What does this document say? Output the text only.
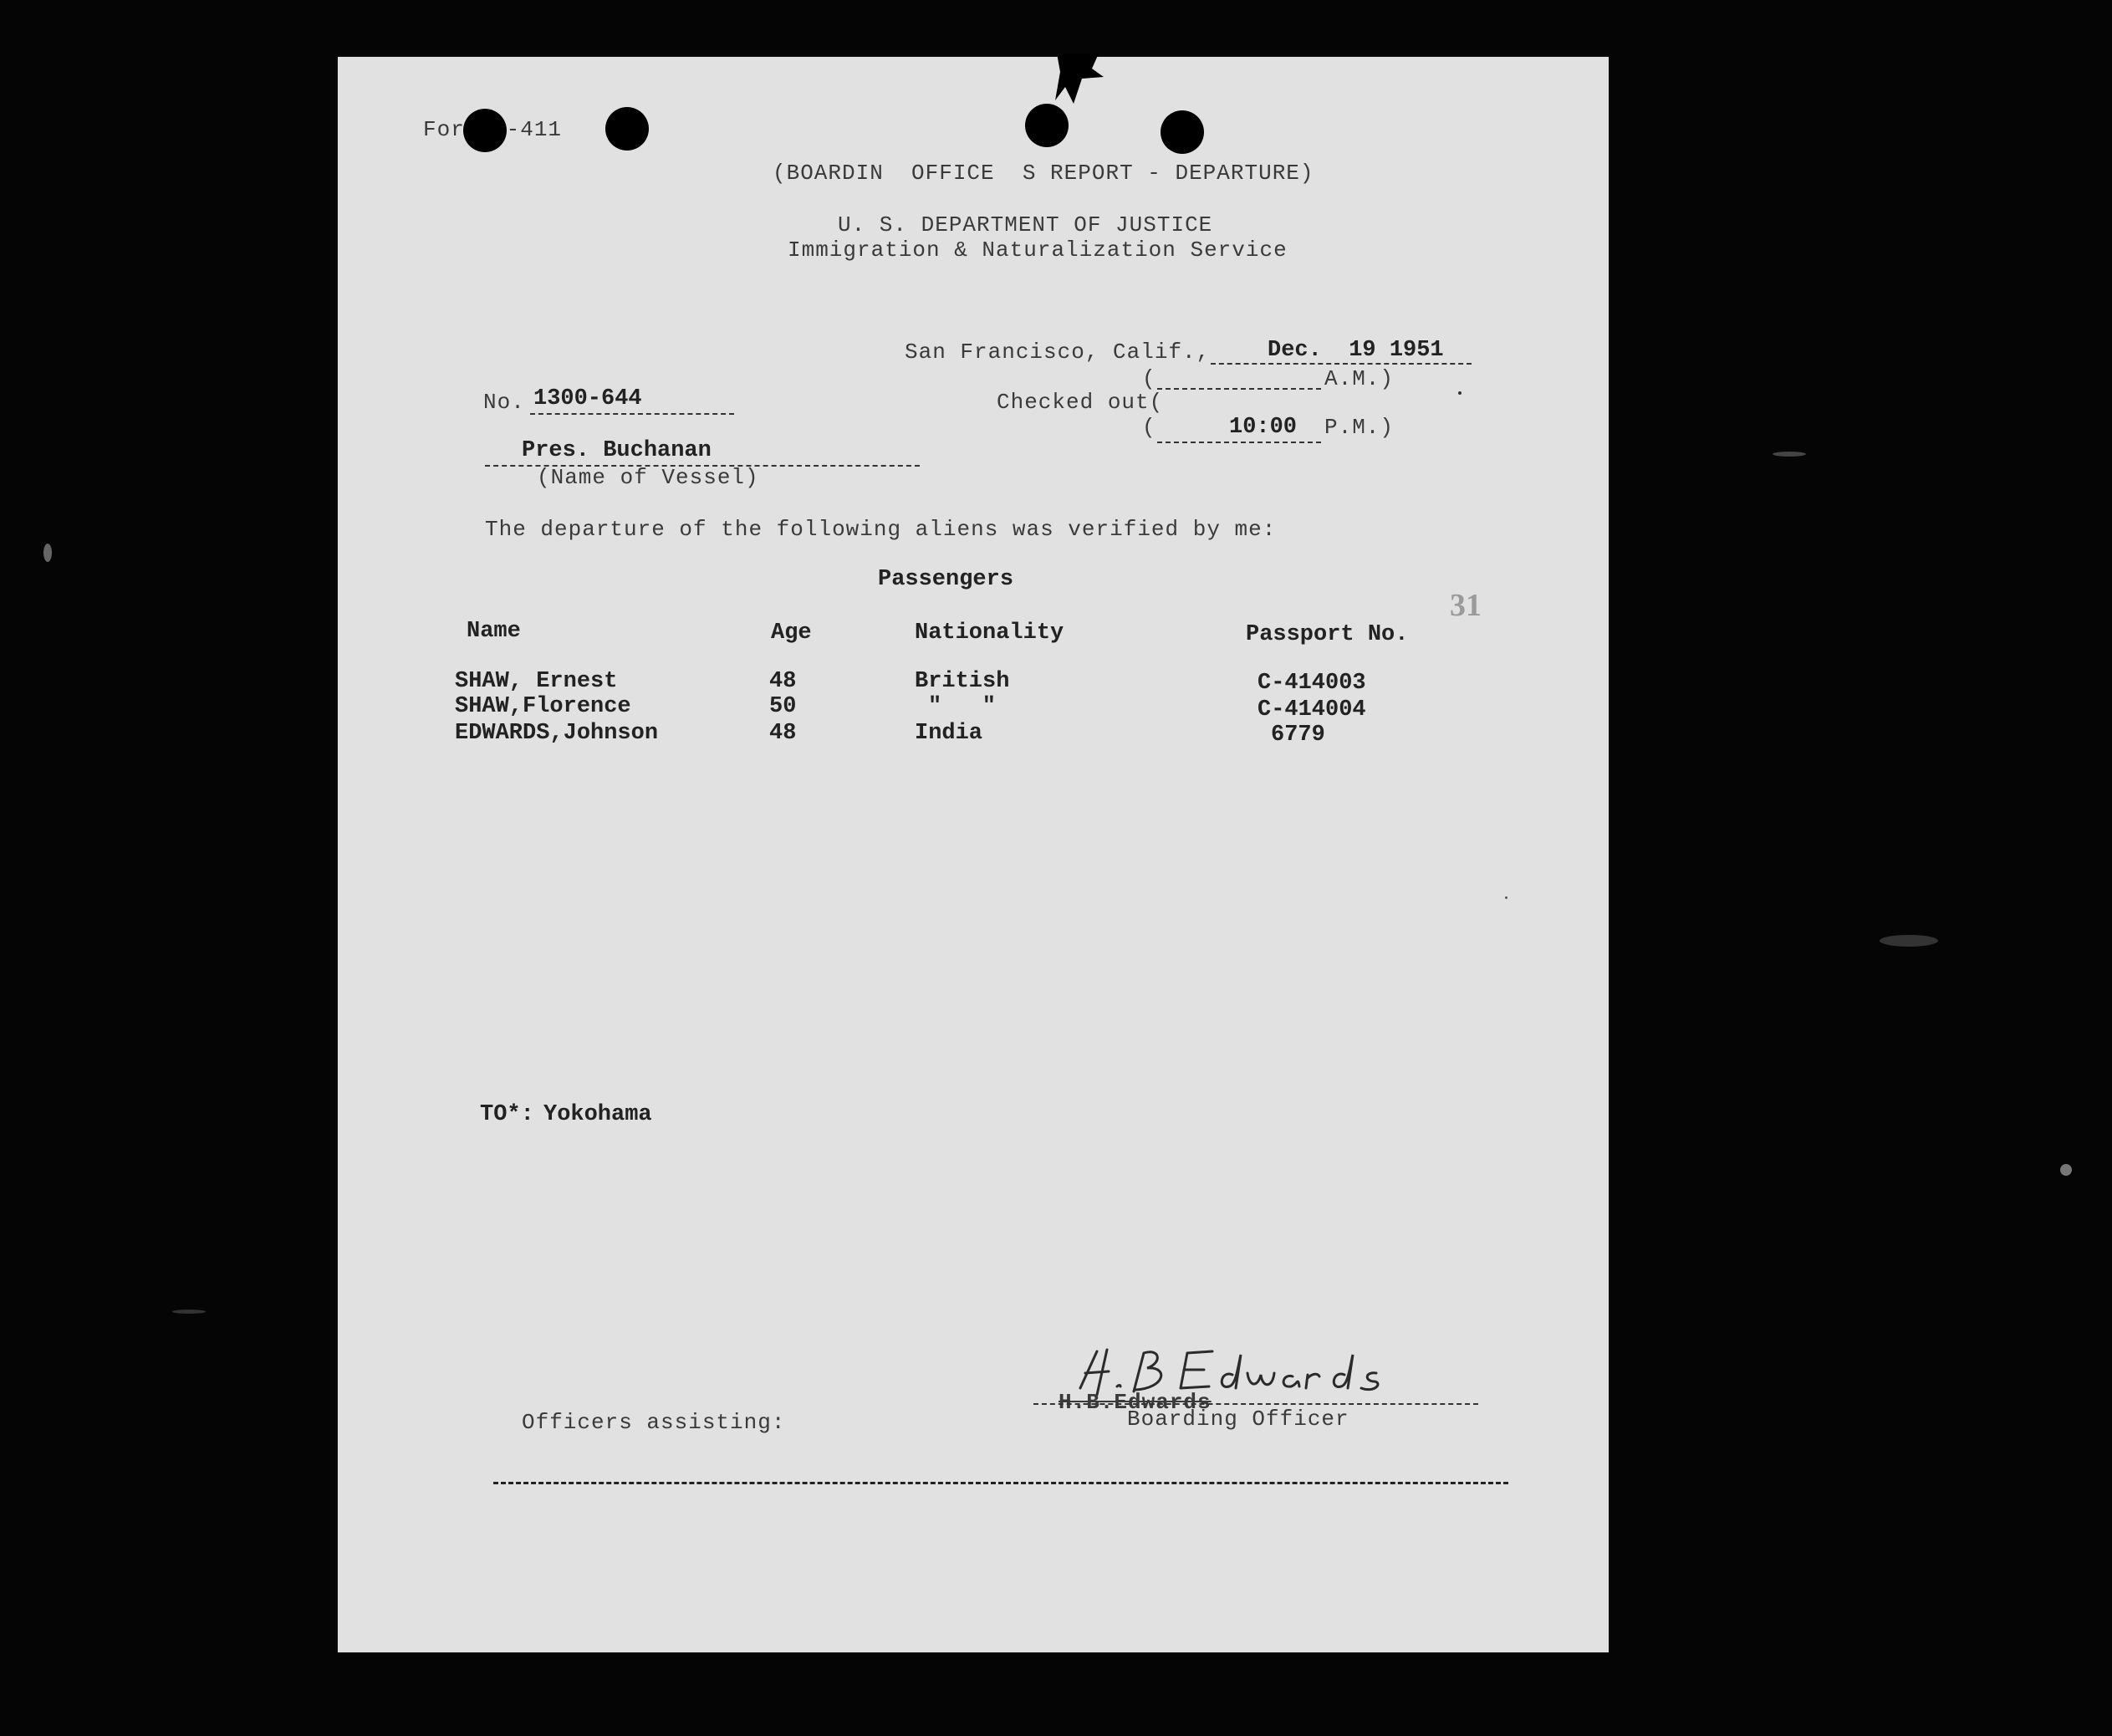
For   -411
(BOARDIN  OFFICE  S REPORT - DEPARTURE)
U. S. DEPARTMENT OF JUSTICE
Immigration & Naturalization Service
San Francisco, Calif.,	Dec.  19 1951
(	A.M.)
No. 1300-644	Checked out(
(	10:00 P.M.)
Pres. Buchanan
(Name of Vessel)
The departure of the following aliens was verified by me:
Passengers
31
Name	Age	Nationality	Passport No.
SHAW, Ernest	48	British	C-414003
SHAW,Florence	50	"   "	C-414004
EDWARDS,Johnson	48	India	6779
TO*: Yokohama
H.B.Edwards
Boarding Officer
Officers assisting:
